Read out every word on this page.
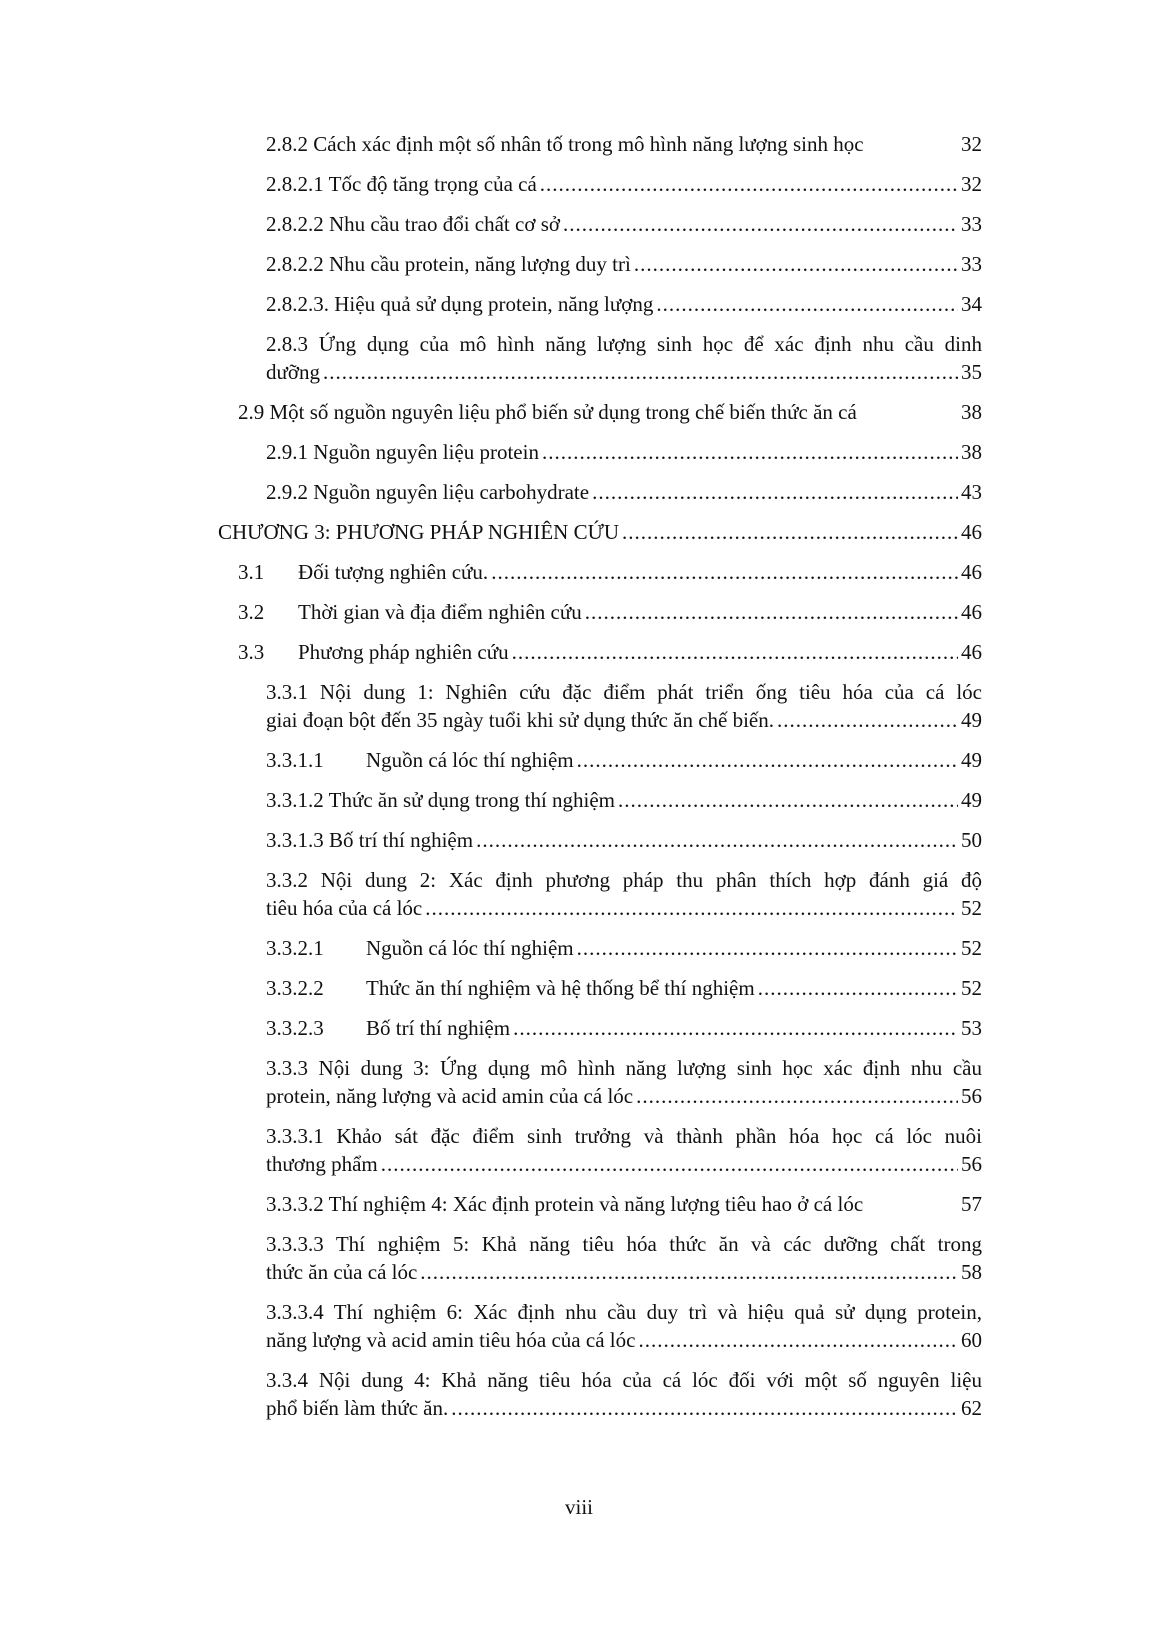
2.8.2 Cách xác định một số nhân tố trong mô hình năng lượng sinh học	32
2.8.2.1 Tốc độ tăng trọng của cá .....	32
2.8.2.2 Nhu cầu trao đổi chất cơ sở .....	33
2.8.2.2 Nhu cầu protein, năng lượng duy trì .....	33
2.8.2.3. Hiệu quả sử dụng protein, năng lượng .....	34
2.8.3 Ứng dụng của mô hình năng lượng sinh học để xác định nhu cầu dinh
dưỡng .....	35
2.9 Một số nguồn nguyên liệu phổ biến sử dụng trong chế biến thức ăn cá	38
2.9.1 Nguồn nguyên liệu protein .....	38
2.9.2 Nguồn nguyên liệu carbohydrate .....	43
CHƯƠNG 3: PHƯƠNG PHÁP NGHIÊN CỨU .....	46
3.1 Đối tượng nghiên cứu. .....	46
3.2 Thời gian và địa điểm nghiên cứu .....	46
3.3 Phương pháp nghiên cứu .....	46
3.3.1 Nội dung 1: Nghiên cứu đặc điểm phát triển ống tiêu hóa của cá lóc
giai đoạn bột đến 35 ngày tuổi khi sử dụng thức ăn chế biến. .....	49
3.3.1.1 Nguồn cá lóc thí nghiệm .....	49
3.3.1.2 Thức ăn sử dụng trong thí nghiệm .....	49
3.3.1.3 Bố trí thí nghiệm .....	50
3.3.2 Nội dung 2: Xác định phương pháp thu phân thích hợp đánh giá độ
tiêu hóa của cá lóc .....	52
3.3.2.1 Nguồn cá lóc thí nghiệm .....	52
3.3.2.2 Thức ăn thí nghiệm và hệ thống bể thí nghiệm .....	52
3.3.2.3 Bố trí thí nghiệm .....	53
3.3.3 Nội dung 3: Ứng dụng mô hình năng lượng sinh học xác định nhu cầu
protein, năng lượng và acid amin của cá lóc .....	56
3.3.3.1 Khảo sát đặc điểm sinh trưởng và thành phần hóa học cá lóc nuôi
thương phẩm .....	56
3.3.3.2 Thí nghiệm 4: Xác định protein và năng lượng tiêu hao ở cá lóc	57
3.3.3.3 Thí nghiệm 5: Khả năng tiêu hóa thức ăn và các dưỡng chất trong
thức ăn của cá lóc .....	58
3.3.3.4 Thí nghiệm 6: Xác định nhu cầu duy trì và hiệu quả sử dụng protein,
năng lượng và acid amin tiêu hóa của cá lóc .....	60
3.3.4 Nội dung 4: Khả năng tiêu hóa của cá lóc đối với một số nguyên liệu
phổ biến làm thức ăn. .....	62
viii
